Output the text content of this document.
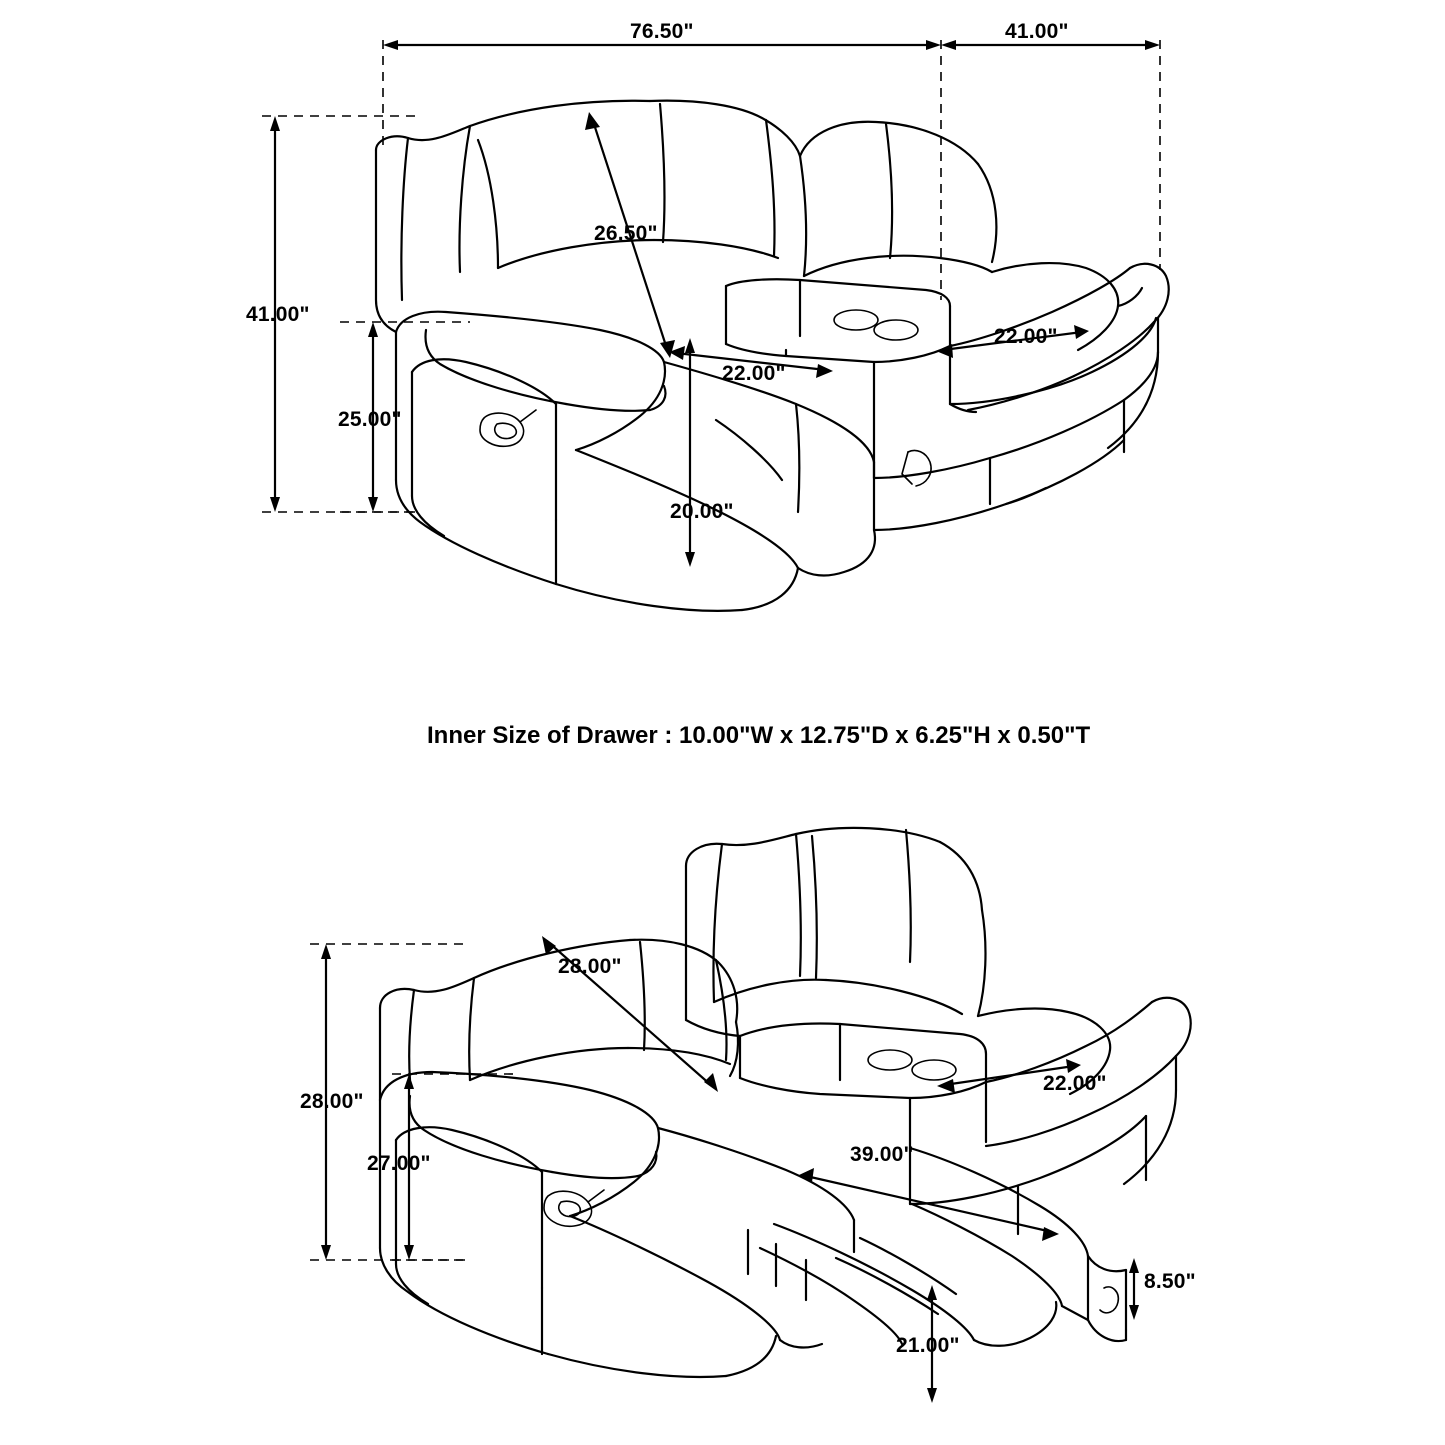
76.50"	41.00"
26.50"
41.00"
25.00"
22.00"
22.00"
20.00"
Inner Size of Drawer : 10.00"W x 12.75"D x 6.25"H x 0.50"T
28.00"
28.00"
27.00"
22.00"
39.00"
8.50"
21.00"
